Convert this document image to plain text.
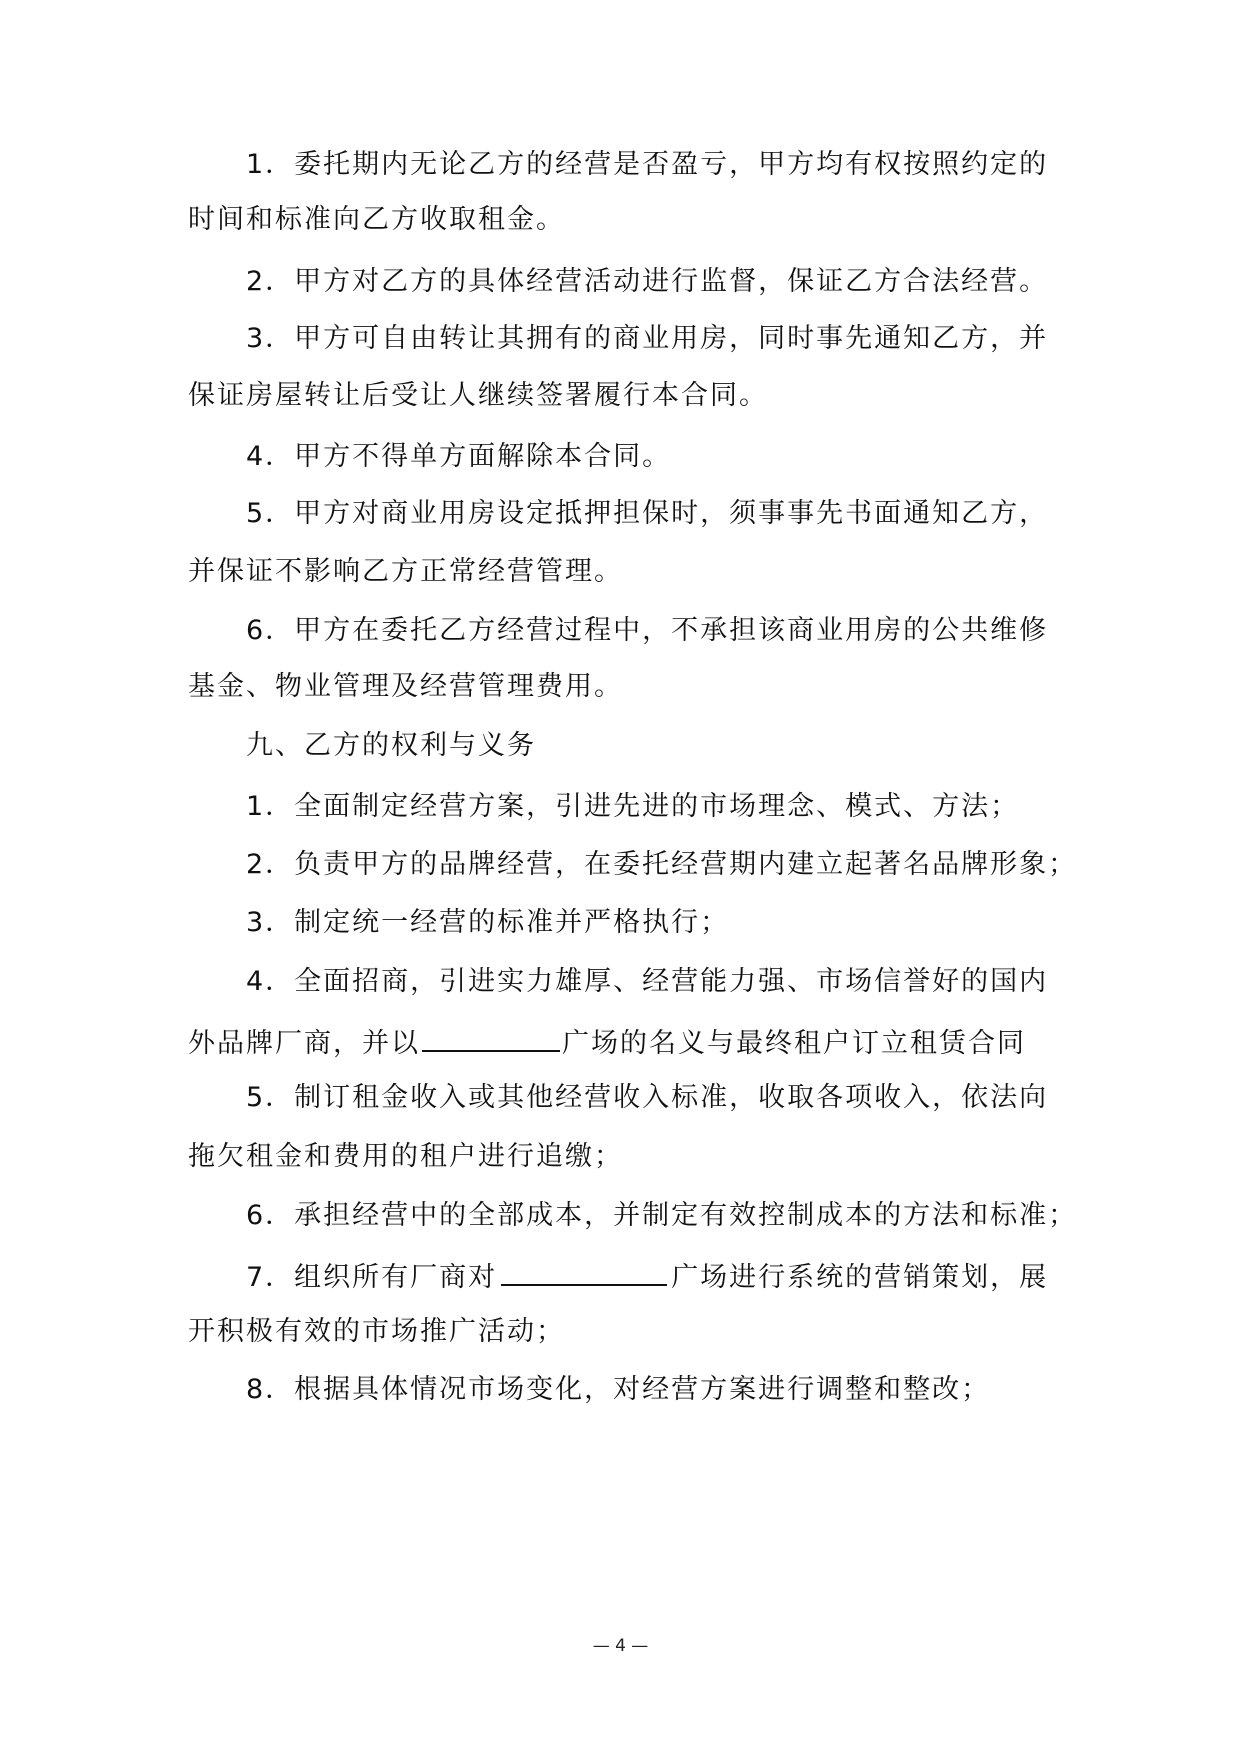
1．委托期内无论乙方的经营是否盈亏，甲方均有权按照约定的
时间和标准向乙方收取租金。
2．甲方对乙方的具体经营活动进行监督，保证乙方合法经营。
3．甲方可自由转让其拥有的商业用房，同时事先通知乙方，并
保证房屋转让后受让人继续签署履行本合同。
4．甲方不得单方面解除本合同。
5．甲方对商业用房设定抵押担保时，须事事先书面通知乙方，
并保证不影响乙方正常经营管理。
6．甲方在委托乙方经营过程中，不承担该商业用房的公共维修
基金、物业管理及经营管理费用。
九、乙方的权利与义务
1．全面制定经营方案，引进先进的市场理念、模式、方法；
2．负责甲方的品牌经营，在委托经营期内建立起著名品牌形象；
3．制定统一经营的标准并严格执行；
4．全面招商，引进实力雄厚、经营能力强、市场信誉好的国内
外品牌厂商，并以	广场的名义与最终租户订立租赁合同
5．制订租金收入或其他经营收入标准，收取各项收入，依法向
拖欠租金和费用的租户进行追缴；
6．承担经营中的全部成本，并制定有效控制成本的方法和标准；
7．组织所有厂商对	广场进行系统的营销策划，展
开积极有效的市场推广活动；
8．根据具体情况市场变化，对经营方案进行调整和整改；
— 4 —
